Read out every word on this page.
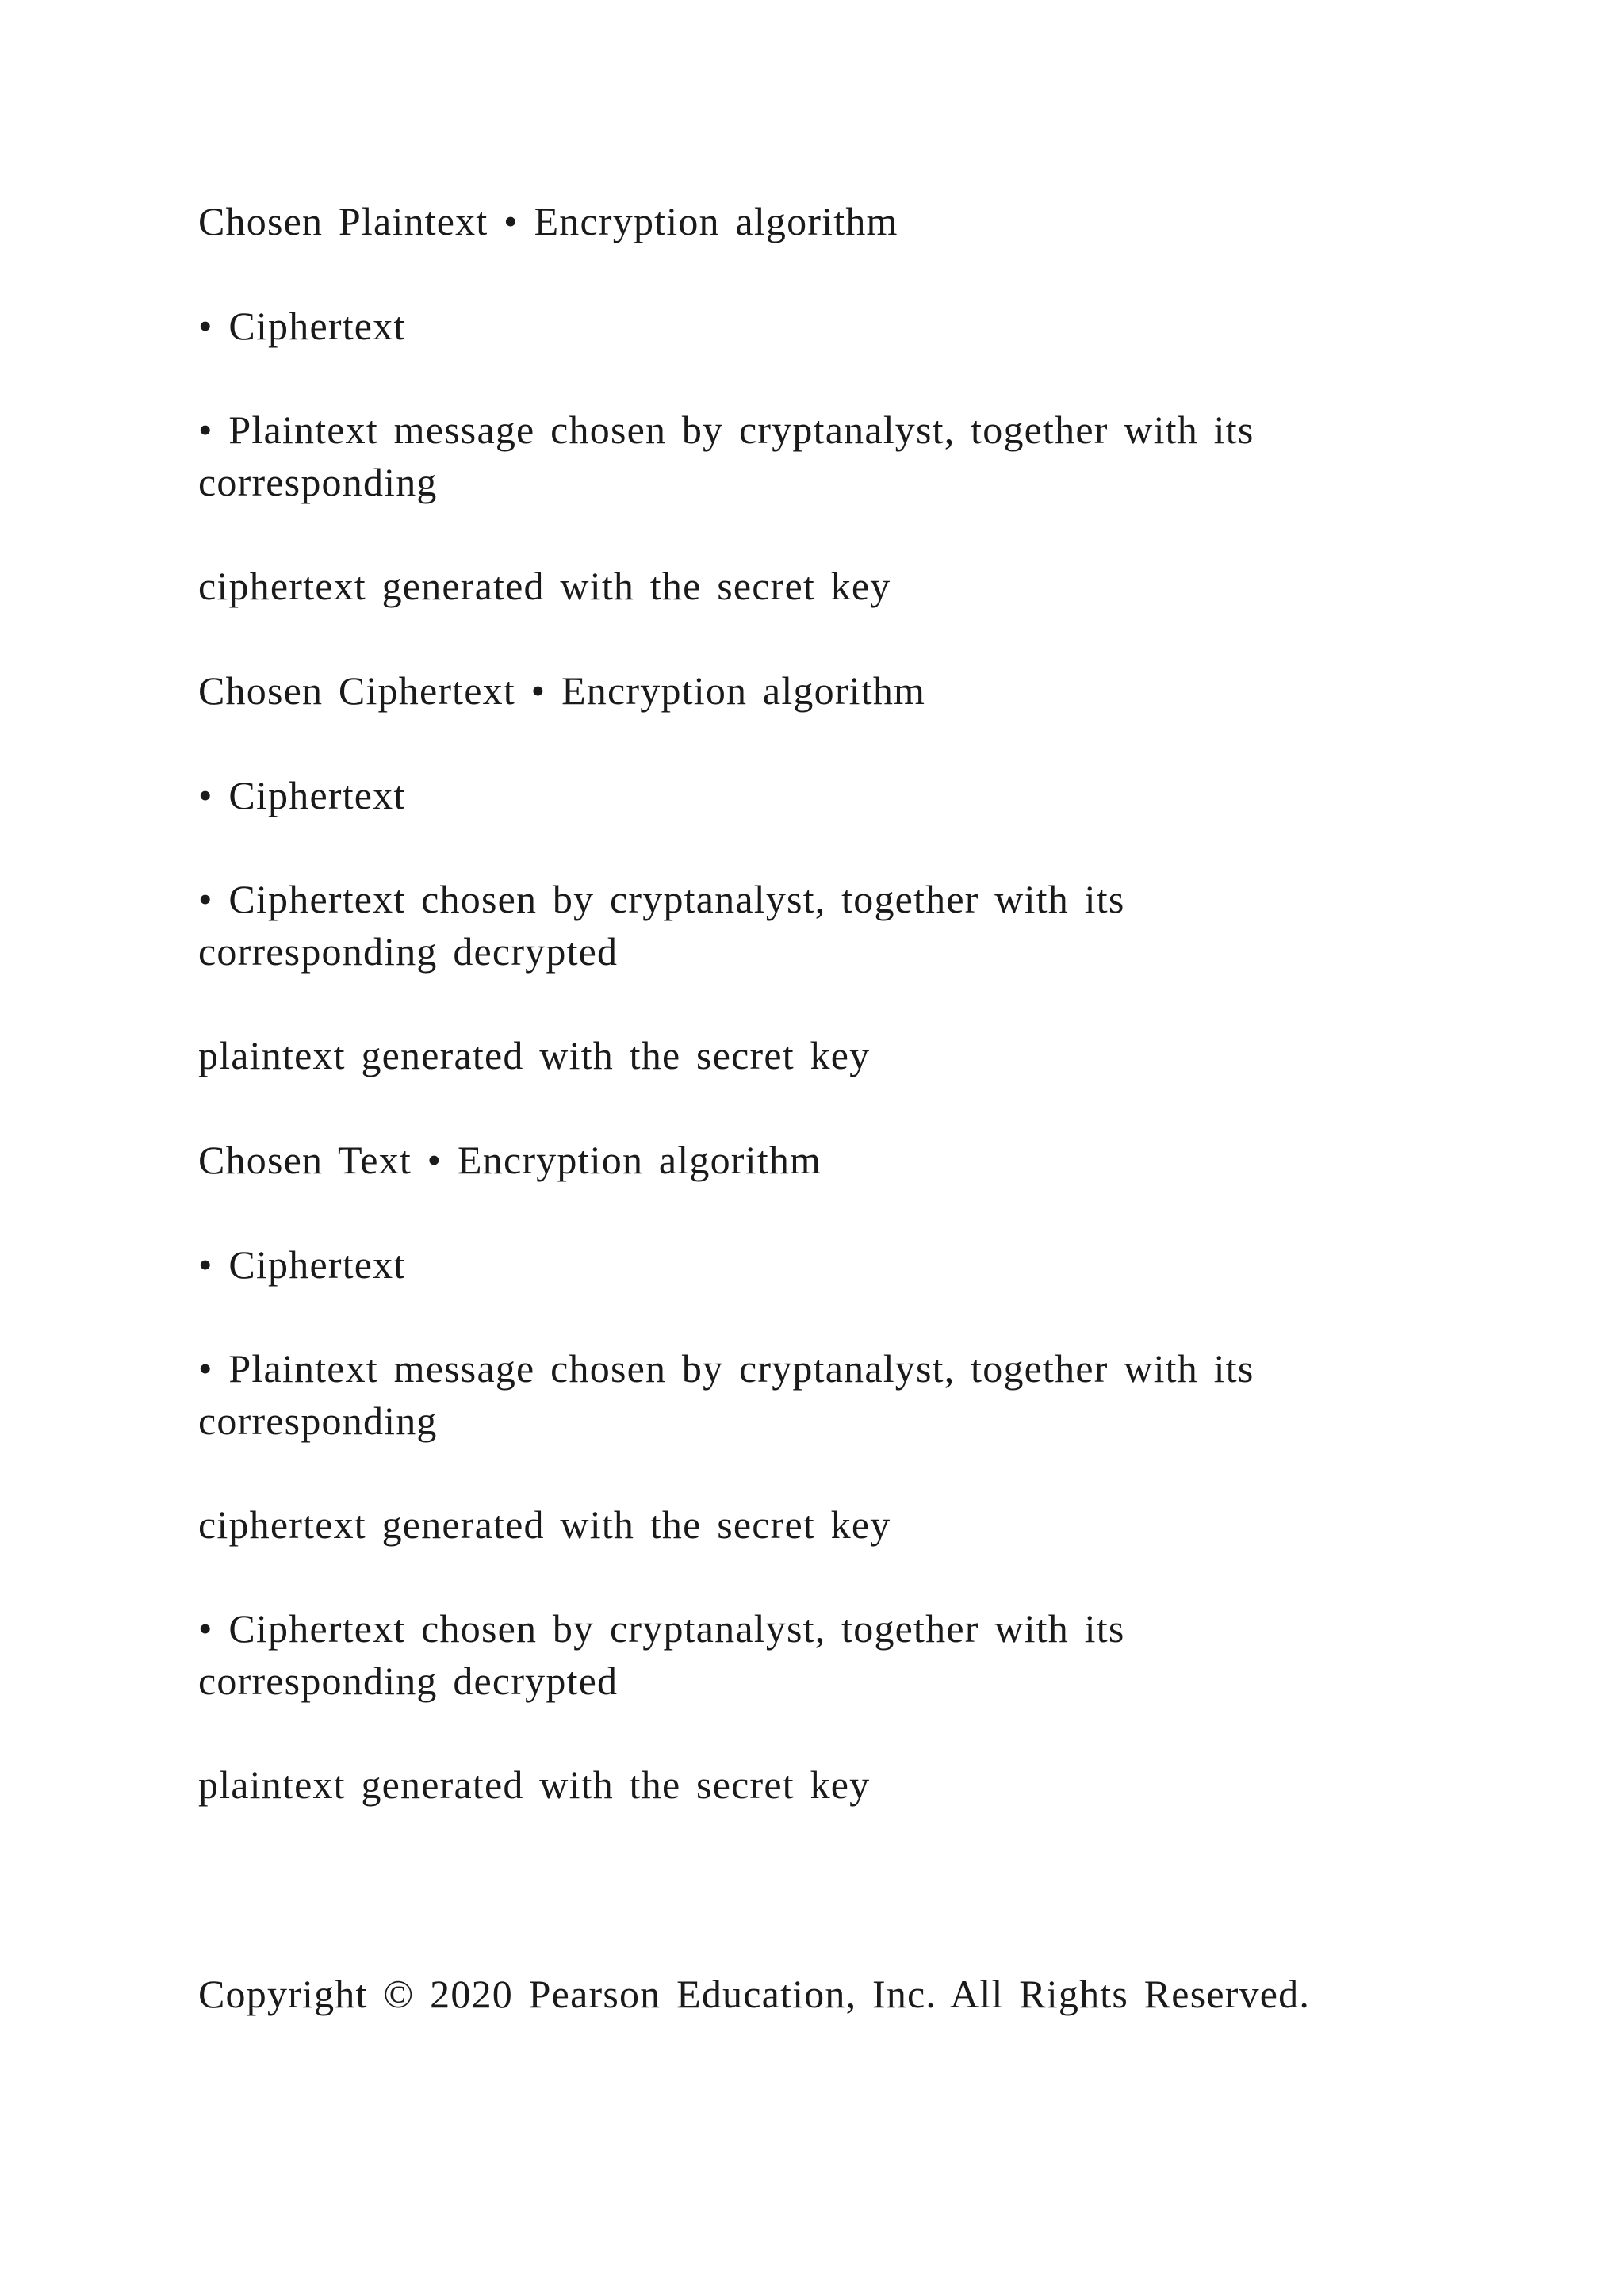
Chosen Plaintext • Encryption algorithm

• Ciphertext

• Plaintext message chosen by cryptanalyst, together with its
corresponding

ciphertext generated with the secret key

Chosen Ciphertext • Encryption algorithm

• Ciphertext

• Ciphertext chosen by cryptanalyst, together with its
corresponding decrypted

plaintext generated with the secret key

Chosen Text • Encryption algorithm

• Ciphertext

• Plaintext message chosen by cryptanalyst, together with its
corresponding

ciphertext generated with the secret key

• Ciphertext chosen by cryptanalyst, together with its
corresponding decrypted

plaintext generated with the secret key

Copyright © 2020 Pearson Education, Inc. All Rights Reserved.
